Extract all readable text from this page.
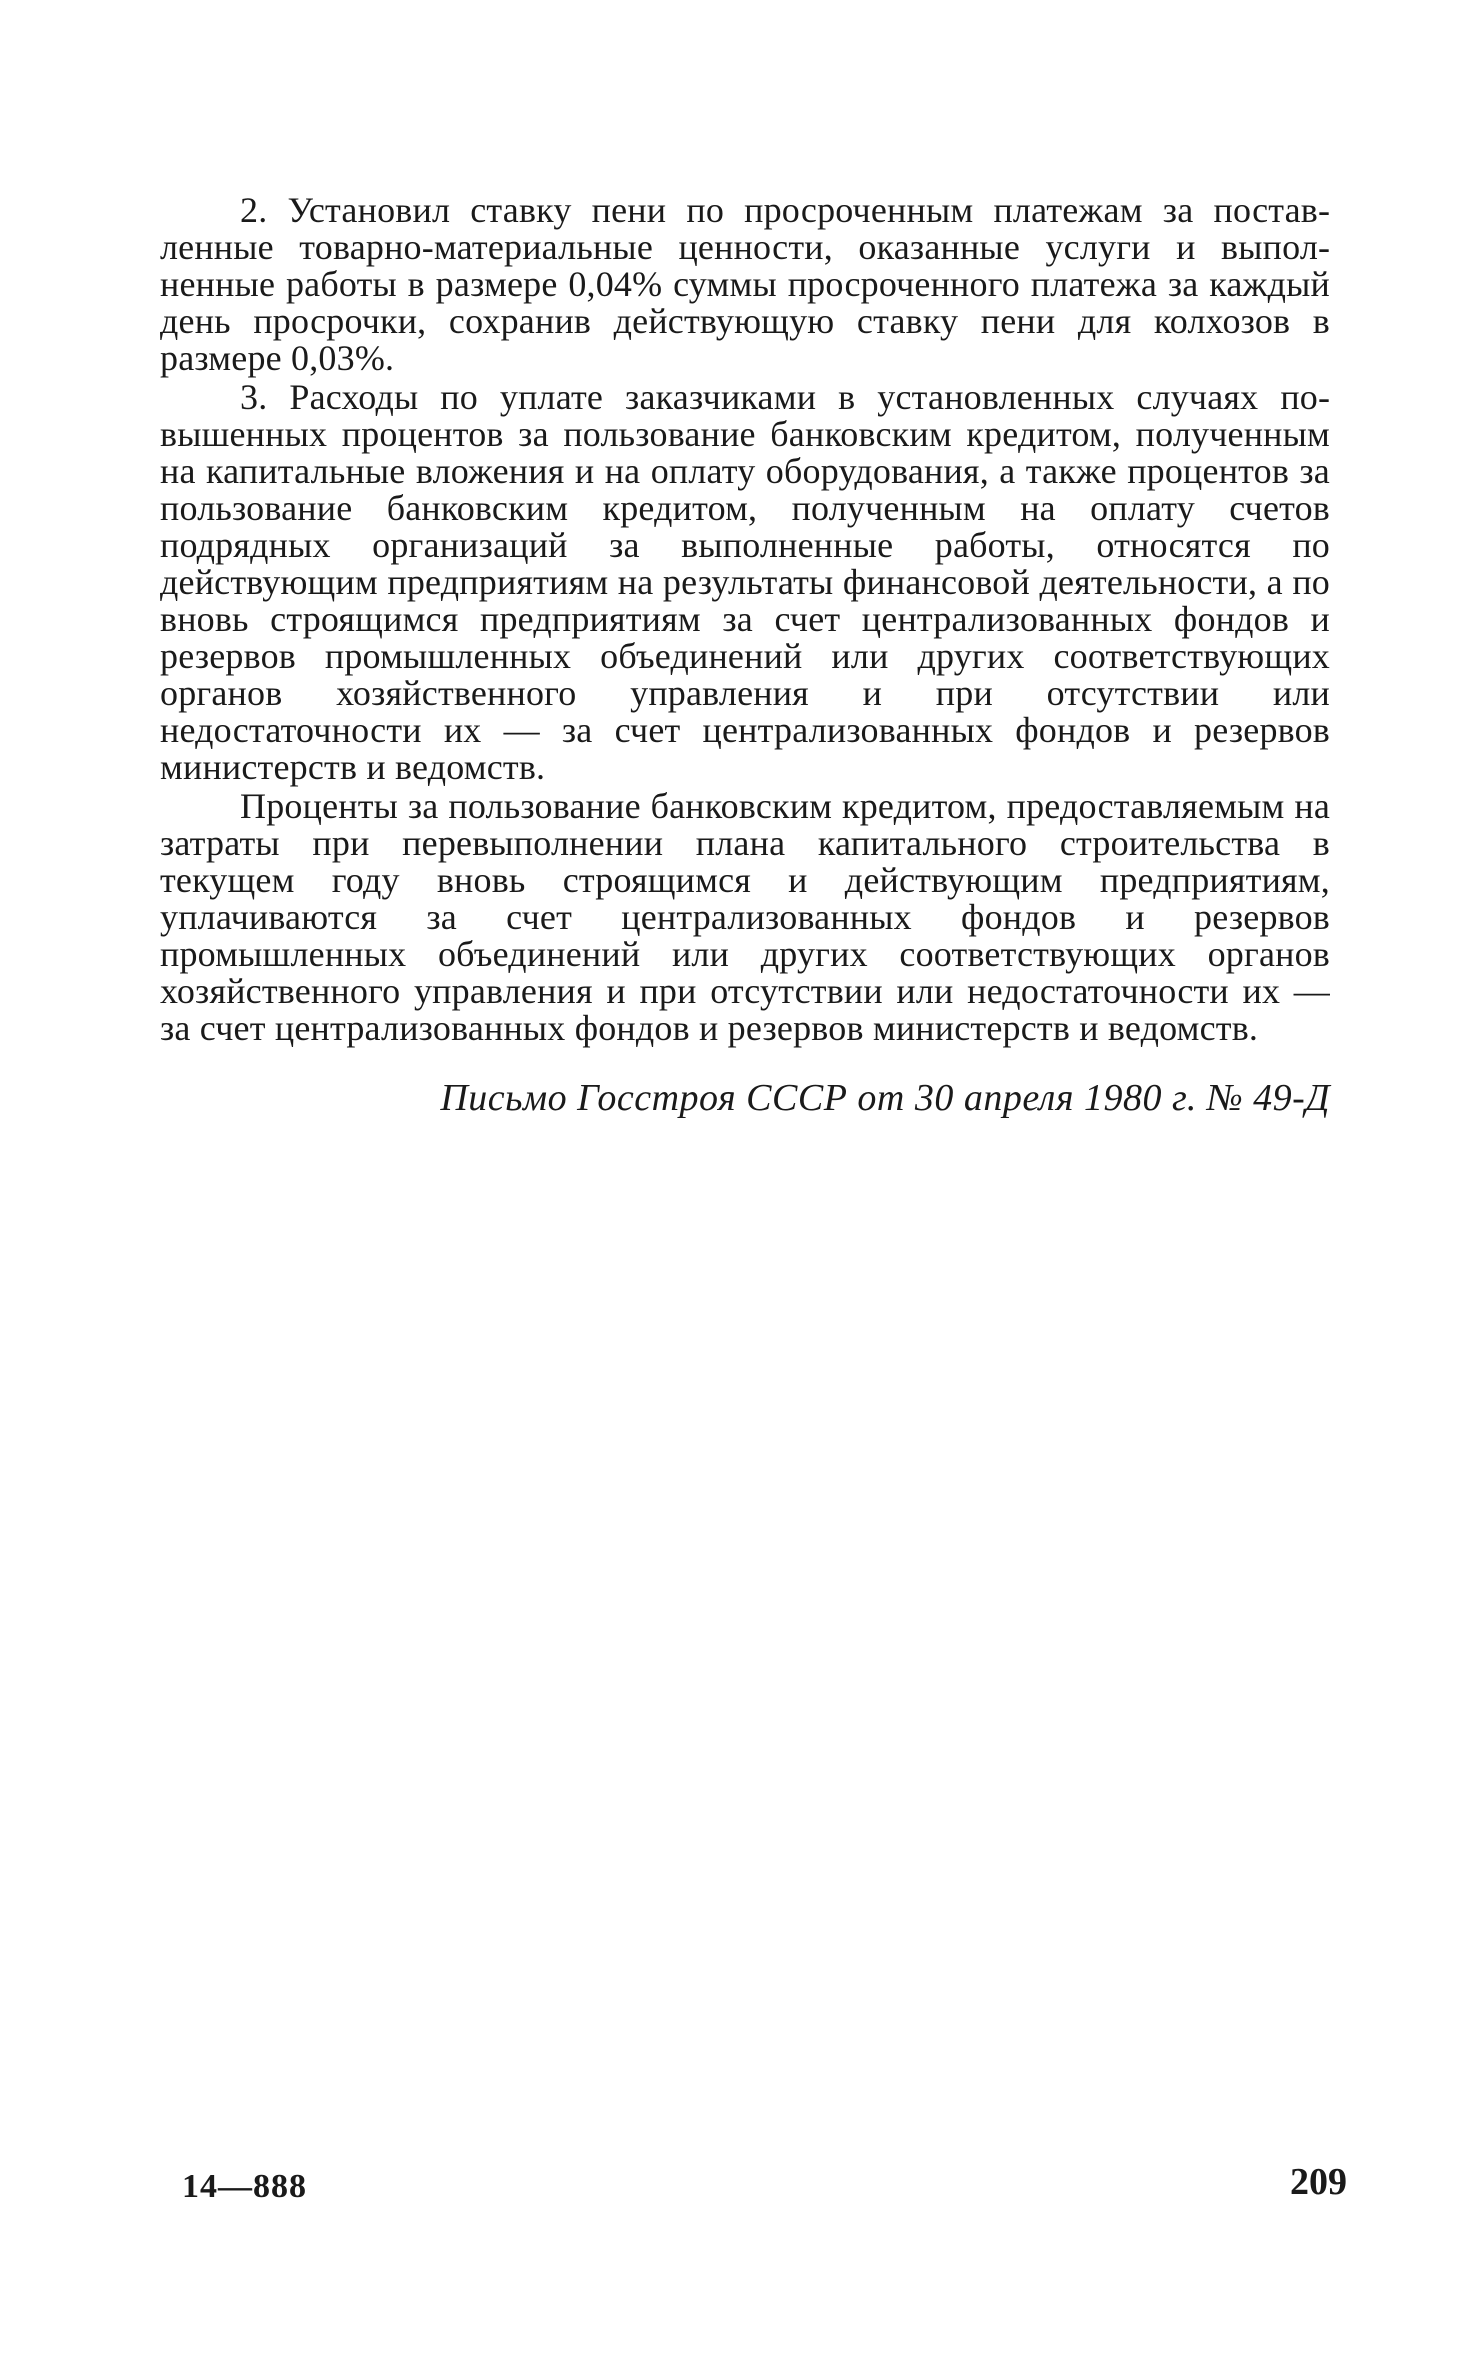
2. Установил ставку пени по просроченным платежам за поставленные товарно-материальные ценности, оказанные услуги и выполненные работы в размере 0,04% суммы просроченного платежа за каждый день просрочки, сохранив действующую ставку пени для колхозов в размере 0,03%.

3. Расходы по уплате заказчиками в установленных случаях повышенных процентов за пользование банковским кредитом, полученным на капитальные вложения и на оплату оборудования, а также процентов за пользование банковским кредитом, полученным на оплату счетов подрядных организаций за выполненные работы, относятся по действующим предприятиям на результаты финансовой деятельности, а по вновь строящимся предприятиям за счет централизованных фондов и резервов промышленных объединений или других соответствующих органов хозяйственного управления и при отсутствии или недостаточности их — за счет централизованных фондов и резервов министерств и ведомств.

Проценты за пользование банковским кредитом, предоставляемым на затраты при перевыполнении плана капитального строительства в текущем году вновь строящимся и действующим предприятиям, уплачиваются за счет централизованных фондов и резервов промышленных объединений или других соответствующих органов хозяйственного управления и при отсутствии или недостаточности их — за счет централизованных фондов и резервов министерств и ведомств.

Письмо Госстроя СССР от 30 апреля 1980 г. № 49-Д

14—888	209
